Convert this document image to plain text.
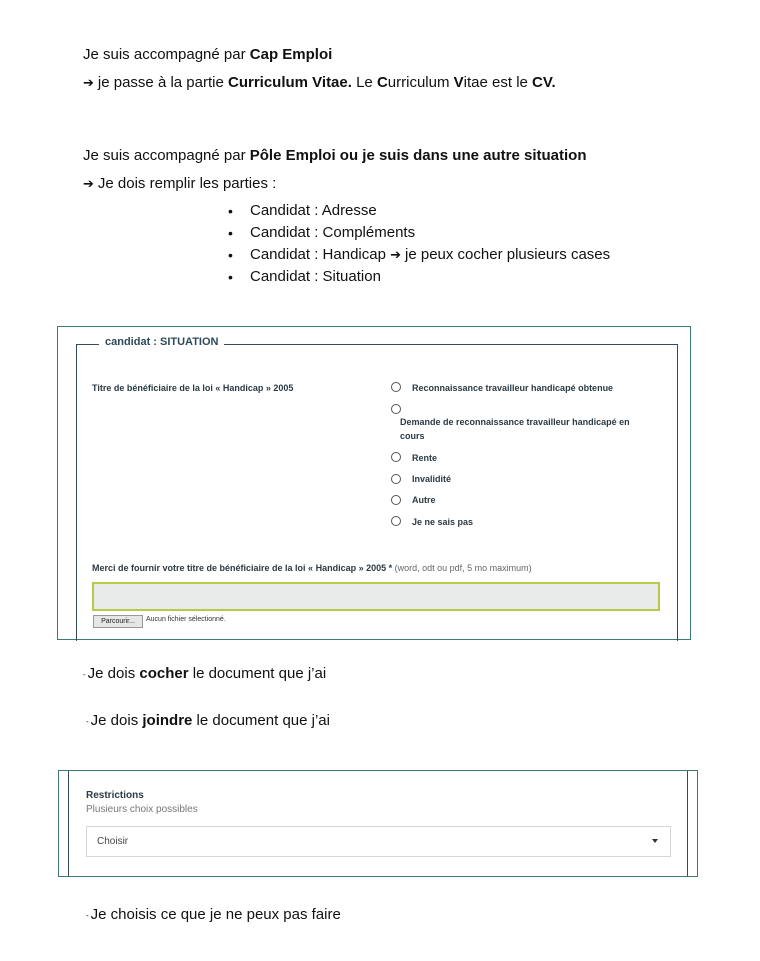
Je suis accompagné par Cap Emploi
➔ je passe à la partie Curriculum Vitae. Le Curriculum Vitae est le CV.
Je suis accompagné par Pôle Emploi ou je suis dans une autre situation
➔ Je dois remplir les parties :
• Candidat : Adresse
• Candidat : Compléments
• Candidat : Handicap ➔ je peux cocher plusieurs cases
• Candidat : Situation
candidat : SITUATION
Titre de bénéficiaire de la loi « Handicap » 2005	Reconnaissance travailleur handicapé obtenue
Demande de reconnaissance travailleur handicapé en
cours
Rente
Invalidité
Autre
Je ne sais pas
Merci de fournir votre titre de bénéficiaire de la loi « Handicap » 2005 * (word, odt ou pdf, 5 mo maximum)
Parcourir...	Aucun fichier sélectionné.
- Je dois cocher le document que j’ai
- Je dois joindre le document que j’ai
Restrictions
Plusieurs choix possibles
Choisir
- Je choisis ce que je ne peux pas faire
